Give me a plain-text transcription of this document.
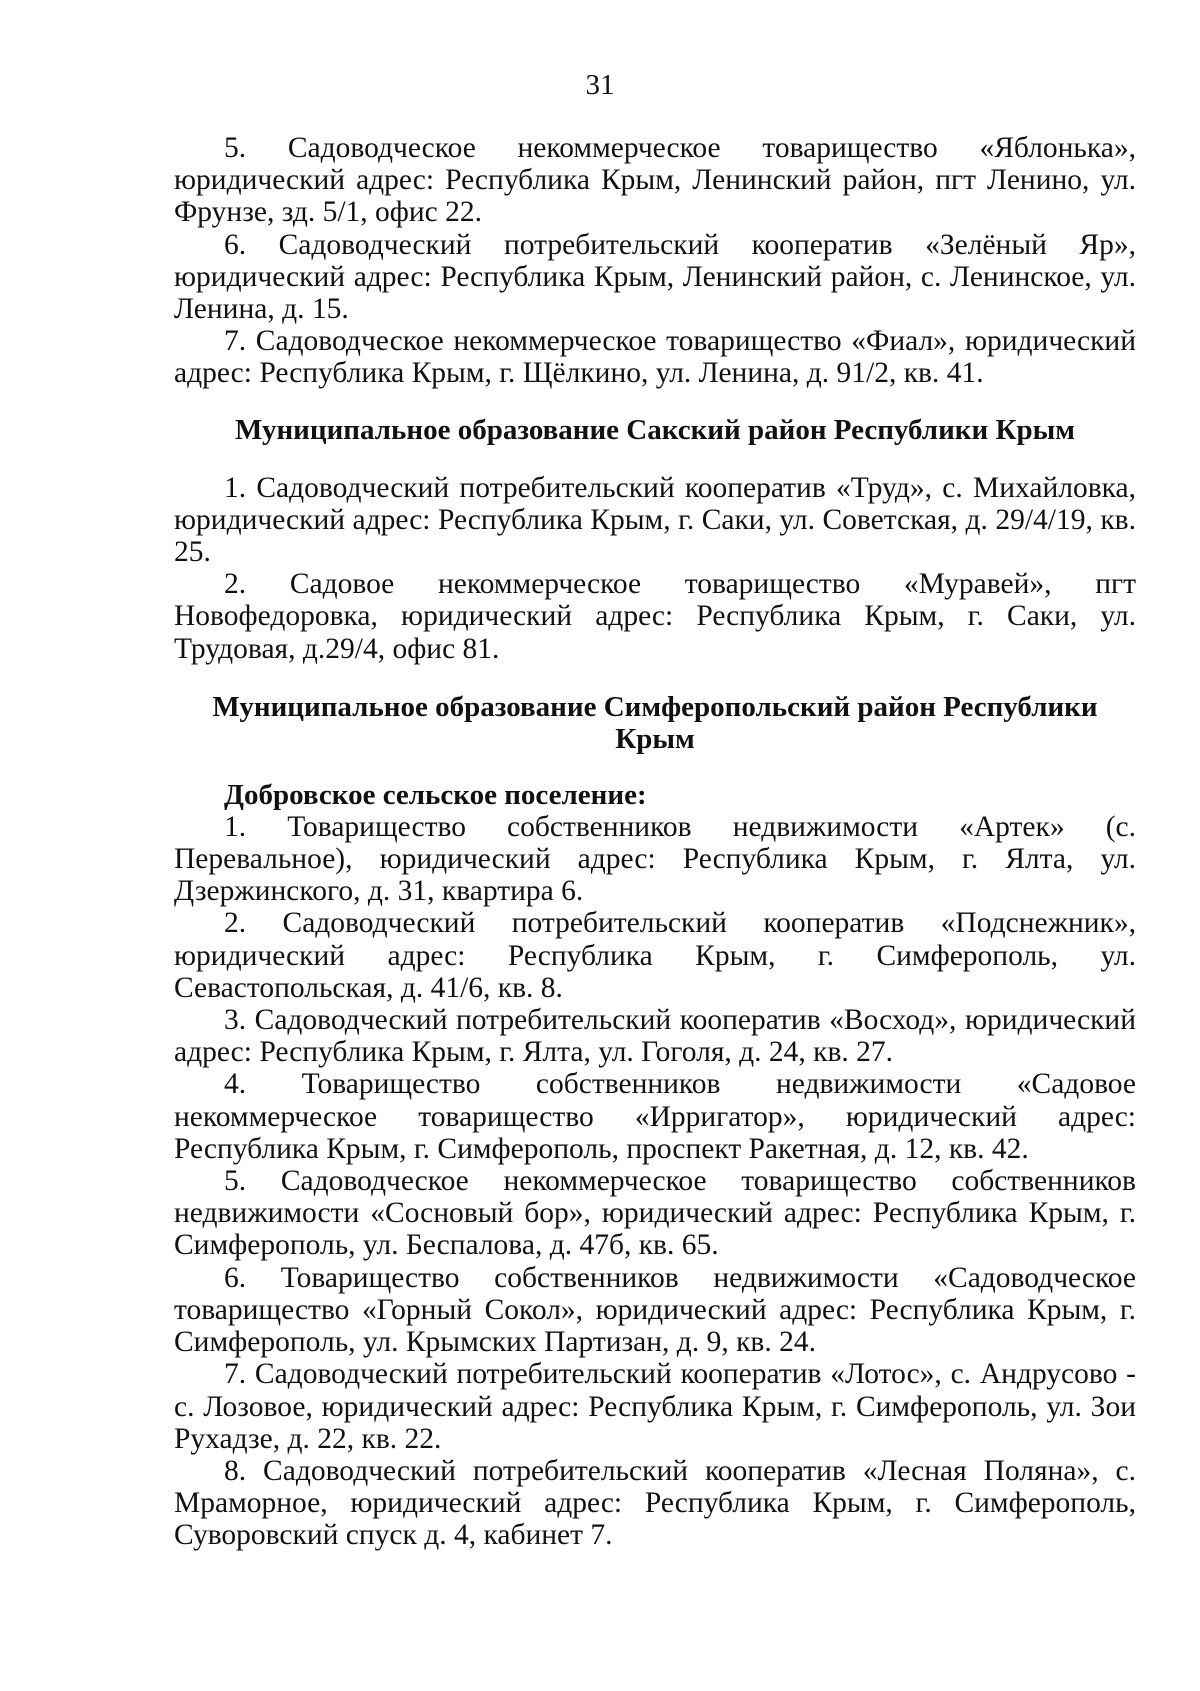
31

5. Садоводческое некоммерческое товарищество «Яблонька», юридический адрес: Республика Крым, Ленинский район, пгт Ленино, ул. Фрунзе, зд. 5/1, офис 22.

6. Садоводческий потребительский кооператив «Зелёный Яр», юридический адрес: Республика Крым, Ленинский район, с. Ленинское, ул. Ленина, д. 15.

7. Садоводческое некоммерческое товарищество «Фиал», юридический адрес: Республика Крым, г. Щёлкино, ул. Ленина, д. 91/2, кв. 41.

Муниципальное образование Сакский район Республики Крым

1. Садоводческий потребительский кооператив «Труд», с. Михайловка, юридический адрес: Республика Крым, г. Саки, ул. Советская, д. 29/4/19, кв. 25.

2. Садовое некоммерческое товарищество «Муравей», пгт Новофедоровка, юридический адрес: Республика Крым, г. Саки, ул. Трудовая, д.29/4, офис 81.

Муниципальное образование Симферопольский район Республики Крым

Добровское сельское поселение:

1. Товарищество собственников недвижимости «Артек» (с. Перевальное), юридический адрес: Республика Крым, г. Ялта, ул. Дзержинского, д. 31, квартира 6.

2. Садоводческий потребительский кооператив «Подснежник», юридический адрес: Республика Крым, г. Симферополь, ул. Севастопольская, д. 41/6, кв. 8.

3. Садоводческий потребительский кооператив «Восход», юридический адрес: Республика Крым, г. Ялта, ул. Гоголя, д. 24, кв. 27.

4. Товарищество собственников недвижимости «Садовое некоммерческое товарищество «Ирригатор», юридический адрес: Республика Крым, г. Симферополь, проспект Ракетная, д. 12, кв. 42.

5. Садоводческое некоммерческое товарищество собственников недвижимости «Сосновый бор», юридический адрес: Республика Крым, г. Симферополь, ул. Беспалова, д. 47б, кв. 65.

6. Товарищество собственников недвижимости «Садоводческое товарищество «Горный Сокол», юридический адрес: Республика Крым, г. Симферополь, ул. Крымских Партизан, д. 9, кв. 24.

7. Садоводческий потребительский кооператив «Лотос», с. Андрусово - с. Лозовое, юридический адрес: Республика Крым, г. Симферополь, ул. Зои Рухадзе, д. 22, кв. 22.

8. Садоводческий потребительский кооператив «Лесная Поляна», с. Мраморное, юридический адрес: Республика Крым, г. Симферополь, Суворовский спуск д. 4, кабинет 7.
